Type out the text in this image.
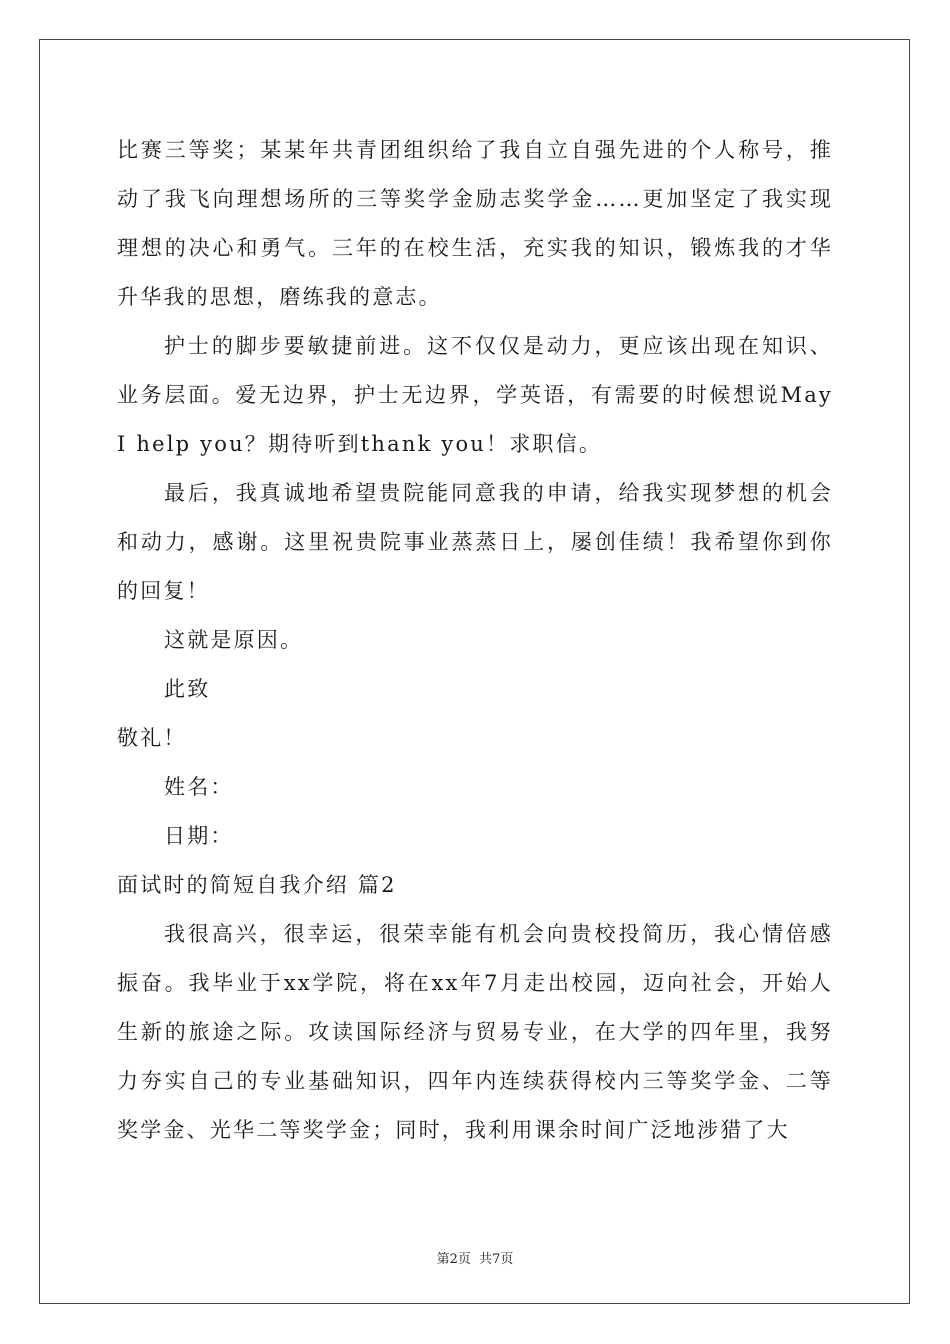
比赛三等奖；某某年共青团组织给了我自立自强先进的个人称号，推动了我飞向理想场所的三等奖学金励志奖学金……更加坚定了我实现理想的决心和勇气。三年的在校生活，充实我的知识，锻炼我的才华升华我的思想，磨练我的意志。

护士的脚步要敏捷前进。这不仅仅是动力，更应该出现在知识、业务层面。爱无边界，护士无边界，学英语，有需要的时候想说May I help you？期待听到thank you！求职信。

最后，我真诚地希望贵院能同意我的申请，给我实现梦想的机会和动力，感谢。这里祝贵院事业蒸蒸日上，屡创佳绩！我希望你到你的回复！

这就是原因。

此致

敬礼！

姓名：

日期：

面试时的简短自我介绍 篇2

我很高兴，很幸运，很荣幸能有机会向贵校投简历，我心情倍感振奋。我毕业于xx学院，将在xx年7月走出校园，迈向社会，开始人生新的旅途之际。攻读国际经济与贸易专业，在大学的四年里，我努力夯实自己的专业基础知识，四年内连续获得校内三等奖学金、二等奖学金、光华二等奖学金；同时，我利用课余时间广泛地涉猎了大

第2页 共7页
